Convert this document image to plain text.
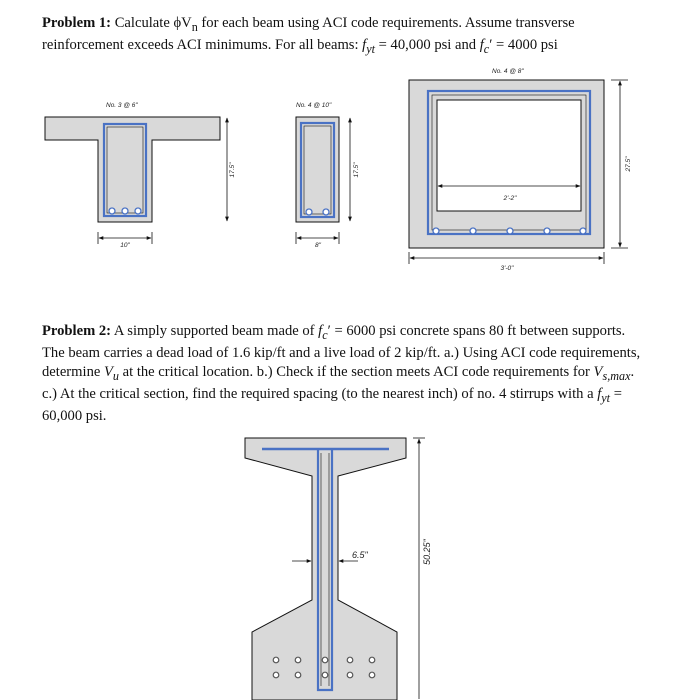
Problem 1: Calculate $\phi V_n$ for each beam using ACI code requirements. Assume transverse reinforcement exceeds ACI minimums. For all beams: $f_{yt} = 40,000$ psi and $f_c' = 4000$ psi

Problem 2: A simply supported beam made of $f_c' = 6000$ psi concrete spans 80 ft between supports. The beam carries a dead load of 1.6 kip/ft and a live load of 2 kip/ft. a.) Using ACI code requirements, determine $V_u$ at the critical location. b.) Check if the section meets ACI code requirements for $V_{s,max}$. c.) At the critical section, find the required spacing (to the nearest inch) of no. 4 stirrups with a $f_{yt} = 60,000$ psi.

No. 3 @ 6"
17.5"
10"
No. 4 @ 10"
17.5"
8"
No. 4 @ 8"
2'-2"
27.5"
3'-0"
6.5"	50.25"
